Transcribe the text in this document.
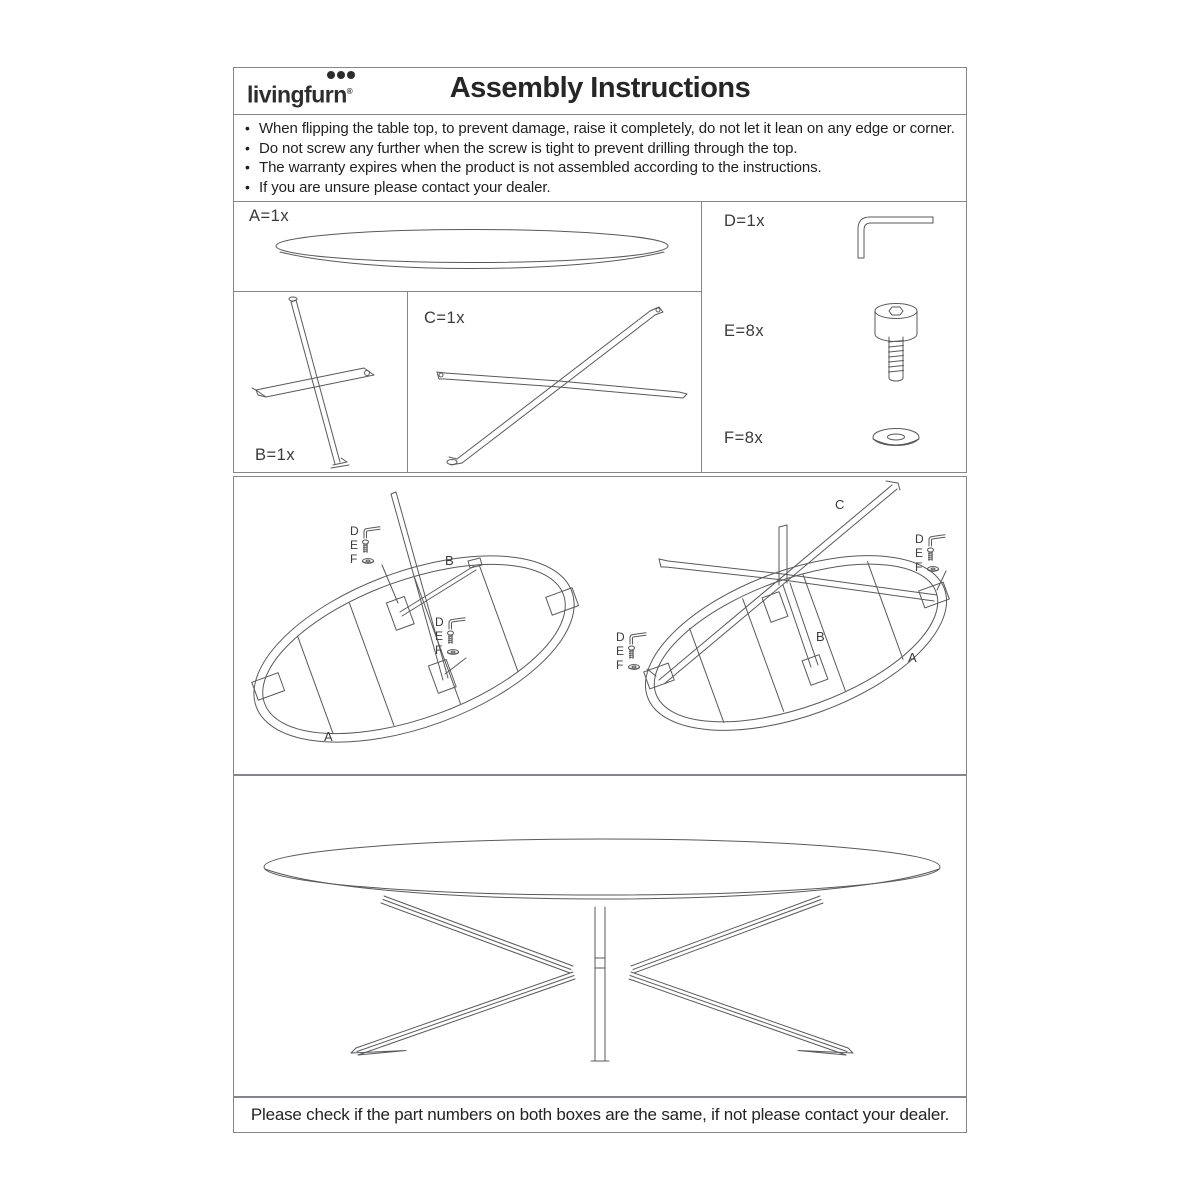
livingfurn®	Assembly Instructions
• When flipping the table top, to prevent damage, raise it completely, do not let it lean on any edge or corner.
• Do not screw any further when the screw is tight to prevent drilling through the top.
• The warranty expires when the product is not assembled according to the instructions.
• If you are unsure please contact your dealer.
A=1x
B=1x
C=1x
D=1x
E=8x
F=8x
D
E
F
D
E
F
B
A
D
E
F
D
E
F
C
B
A

Please check if the part numbers on both boxes are the same, if not please contact your dealer.
